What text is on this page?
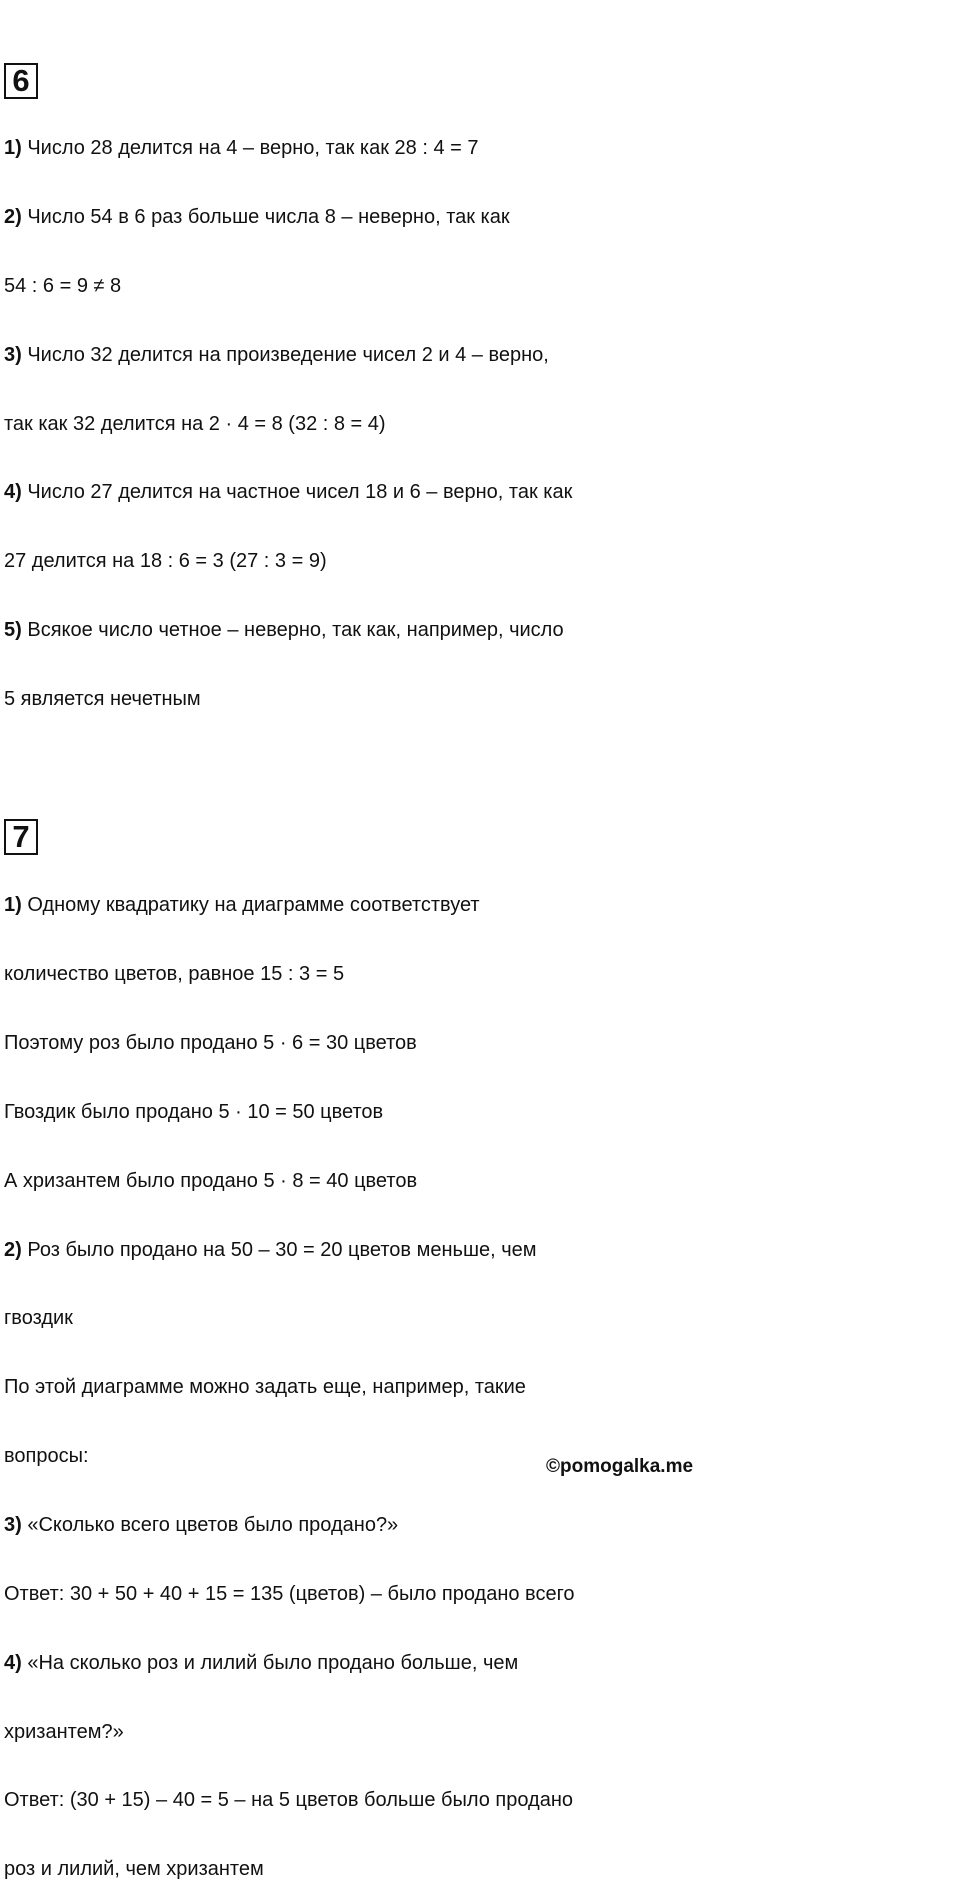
6
1) Число 28 делится на 4 – верно, так как 28 : 4 = 7
2) Число 54 в 6 раз больше числа 8 – неверно, так как
54 : 6 = 9 ≠ 8
3) Число 32 делится на произведение чисел 2 и 4 – верно,
так как 32 делится на 2 · 4 = 8 (32 : 8 = 4)
4) Число 27 делится на частное чисел 18 и 6 – верно, так как
27 делится на 18 : 6 = 3 (27 : 3 = 9)
5) Всякое число четное – неверно, так как, например, число
5 является нечетным
7
1) Одному квадратику на диаграмме соответствует
количество цветов, равное 15 : 3 = 5
Поэтому роз было продано 5 · 6 = 30 цветов
Гвоздик было продано 5 · 10 = 50 цветов
А хризантем было продано 5 · 8 = 40 цветов
2) Роз было продано на 50 – 30 = 20 цветов меньше, чем
гвоздик
По этой диаграмме можно задать еще, например, такие
вопросы:	©pomogalka.me
3) «Сколько всего цветов было продано?»
Ответ: 30 + 50 + 40 + 15 = 135 (цветов) – было продано всего
4) «На сколько роз и лилий было продано больше, чем
хризантем?»
Ответ: (30 + 15) – 40 = 5 – на 5 цветов больше было продано
роз и лилий, чем хризантем
